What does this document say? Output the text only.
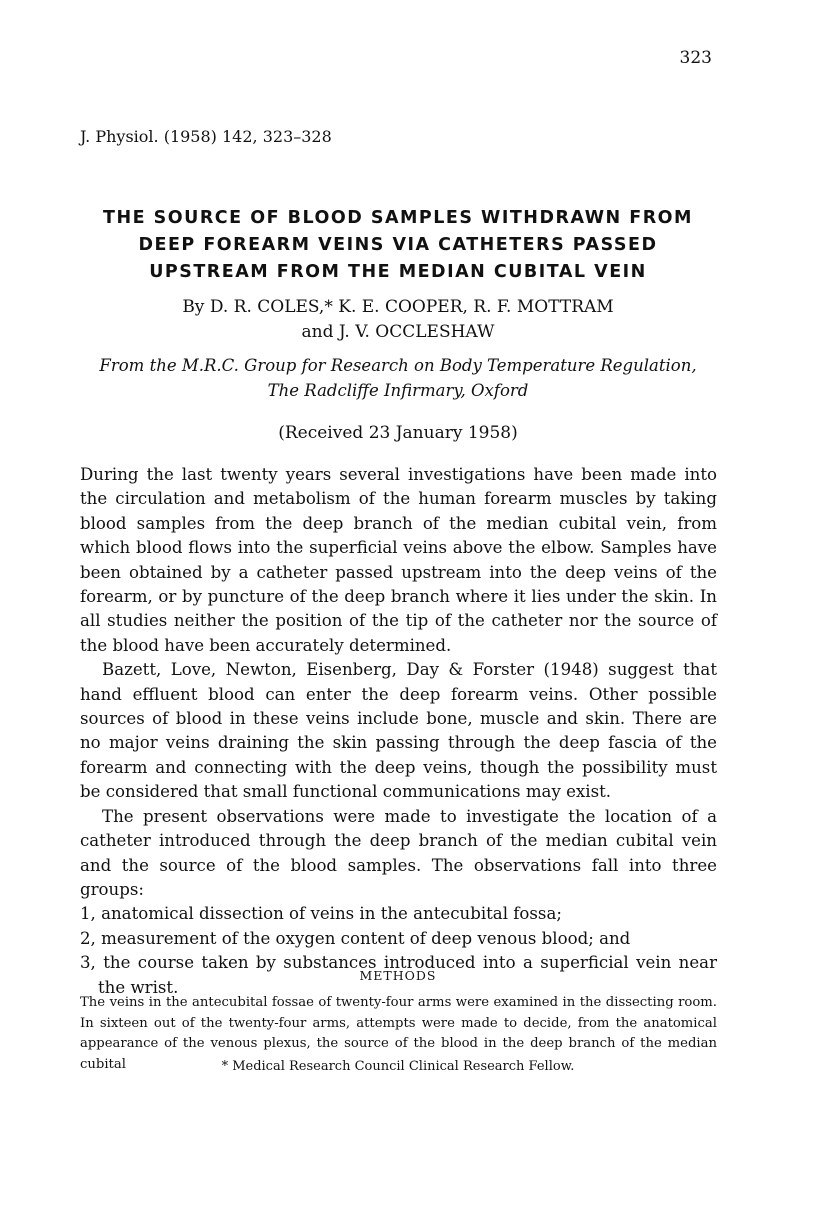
323
J. Physiol. (1958) 142, 323–328
THE SOURCE OF BLOOD SAMPLES WITHDRAWN FROM
DEEP FOREARM VEINS VIA CATHETERS PASSED
UPSTREAM FROM THE MEDIAN CUBITAL VEIN
By D. R. COLES,* K. E. COOPER, R. F. MOTTRAM
and J. V. OCCLESHAW
From the M.R.C. Group for Research on Body Temperature Regulation,
The Radcliffe Infirmary, Oxford
(Received 23 January 1958)

During the last twenty years several investigations have been made into the circulation and metabolism of the human forearm muscles by taking blood samples from the deep branch of the median cubital vein, from which blood flows into the superficial veins above the elbow. Samples have been obtained by a catheter passed upstream into the deep veins of the forearm, or by puncture of the deep branch where it lies under the skin. In all studies neither the position of the tip of the catheter nor the source of the blood have been accurately determined.

Bazett, Love, Newton, Eisenberg, Day & Forster (1948) suggest that hand effluent blood can enter the deep forearm veins. Other possible sources of blood in these veins include bone, muscle and skin. There are no major veins draining the skin passing through the deep fascia of the forearm and connecting with the deep veins, though the possibility must be considered that small functional communications may exist.

The present observations were made to investigate the location of a catheter introduced through the deep branch of the median cubital vein and the source of the blood samples. The observations fall into three groups:

1, anatomical dissection of veins in the antecubital fossa;

2, measurement of the oxygen content of deep venous blood; and

3, the course taken by substances introduced into a superficial vein near the wrist.

METHODS

The veins in the antecubital fossae of twenty-four arms were examined in the dissecting room. In sixteen out of the twenty-four arms, attempts were made to decide, from the anatomical appearance of the venous plexus, the source of the blood in the deep branch of the median cubital	* Medical Research Council Clinical Research Fellow.
